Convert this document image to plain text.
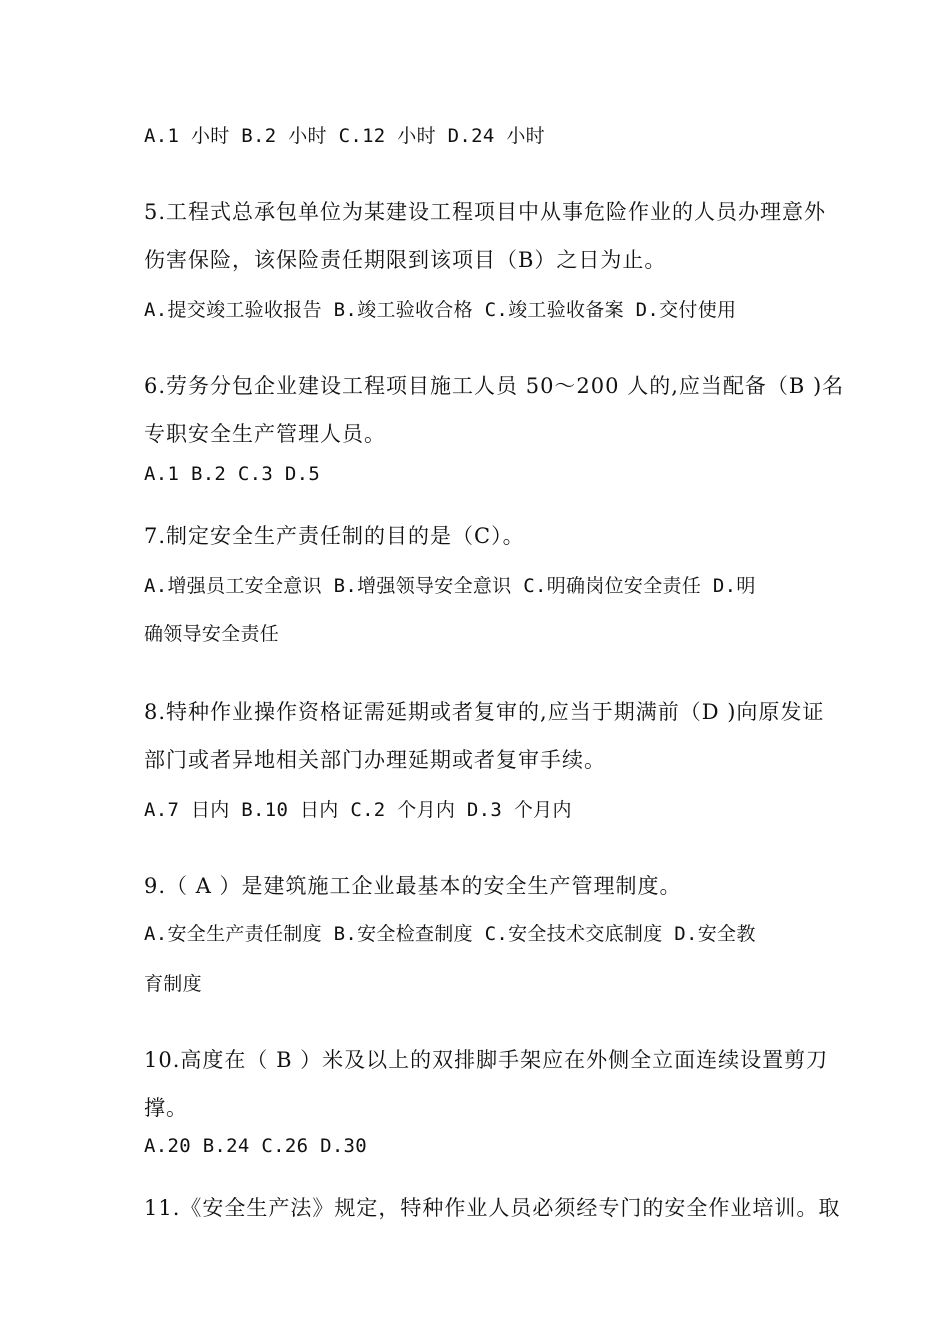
A.1 小时 B.2 小时 C.12 小时 D.24 小时
5.工程式总承包单位为某建设工程项目中从事危险作业的人员办理意外
伤害保险，该保险责任期限到该项目（B）之日为止。
A.提交竣工验收报告 B.竣工验收合格 C.竣工验收备案 D.交付使用
6.劳务分包企业建设工程项目施工人员 50～200 人的,应当配备（B )名
专职安全生产管理人员。
A.1 B.2 C.3 D.5
7.制定安全生产责任制的目的是（C）。
A.增强员工安全意识 B.增强领导安全意识 C.明确岗位安全责任 D.明
确领导安全责任
8.特种作业操作资格证需延期或者复审的,应当于期满前（D )向原发证
部门或者异地相关部门办理延期或者复审手续。
A.7 日内 B.10 日内 C.2 个月内 D.3 个月内
9.（ A ）是建筑施工企业最基本的安全生产管理制度。
A.安全生产责任制度 B.安全检查制度 C.安全技术交底制度 D.安全教
育制度
10.高度在（ B ）米及以上的双排脚手架应在外侧全立面连续设置剪刀
撑。
A.20 B.24 C.26 D.30
11.《安全生产法》规定，特种作业人员必须经专门的安全作业培训。取
